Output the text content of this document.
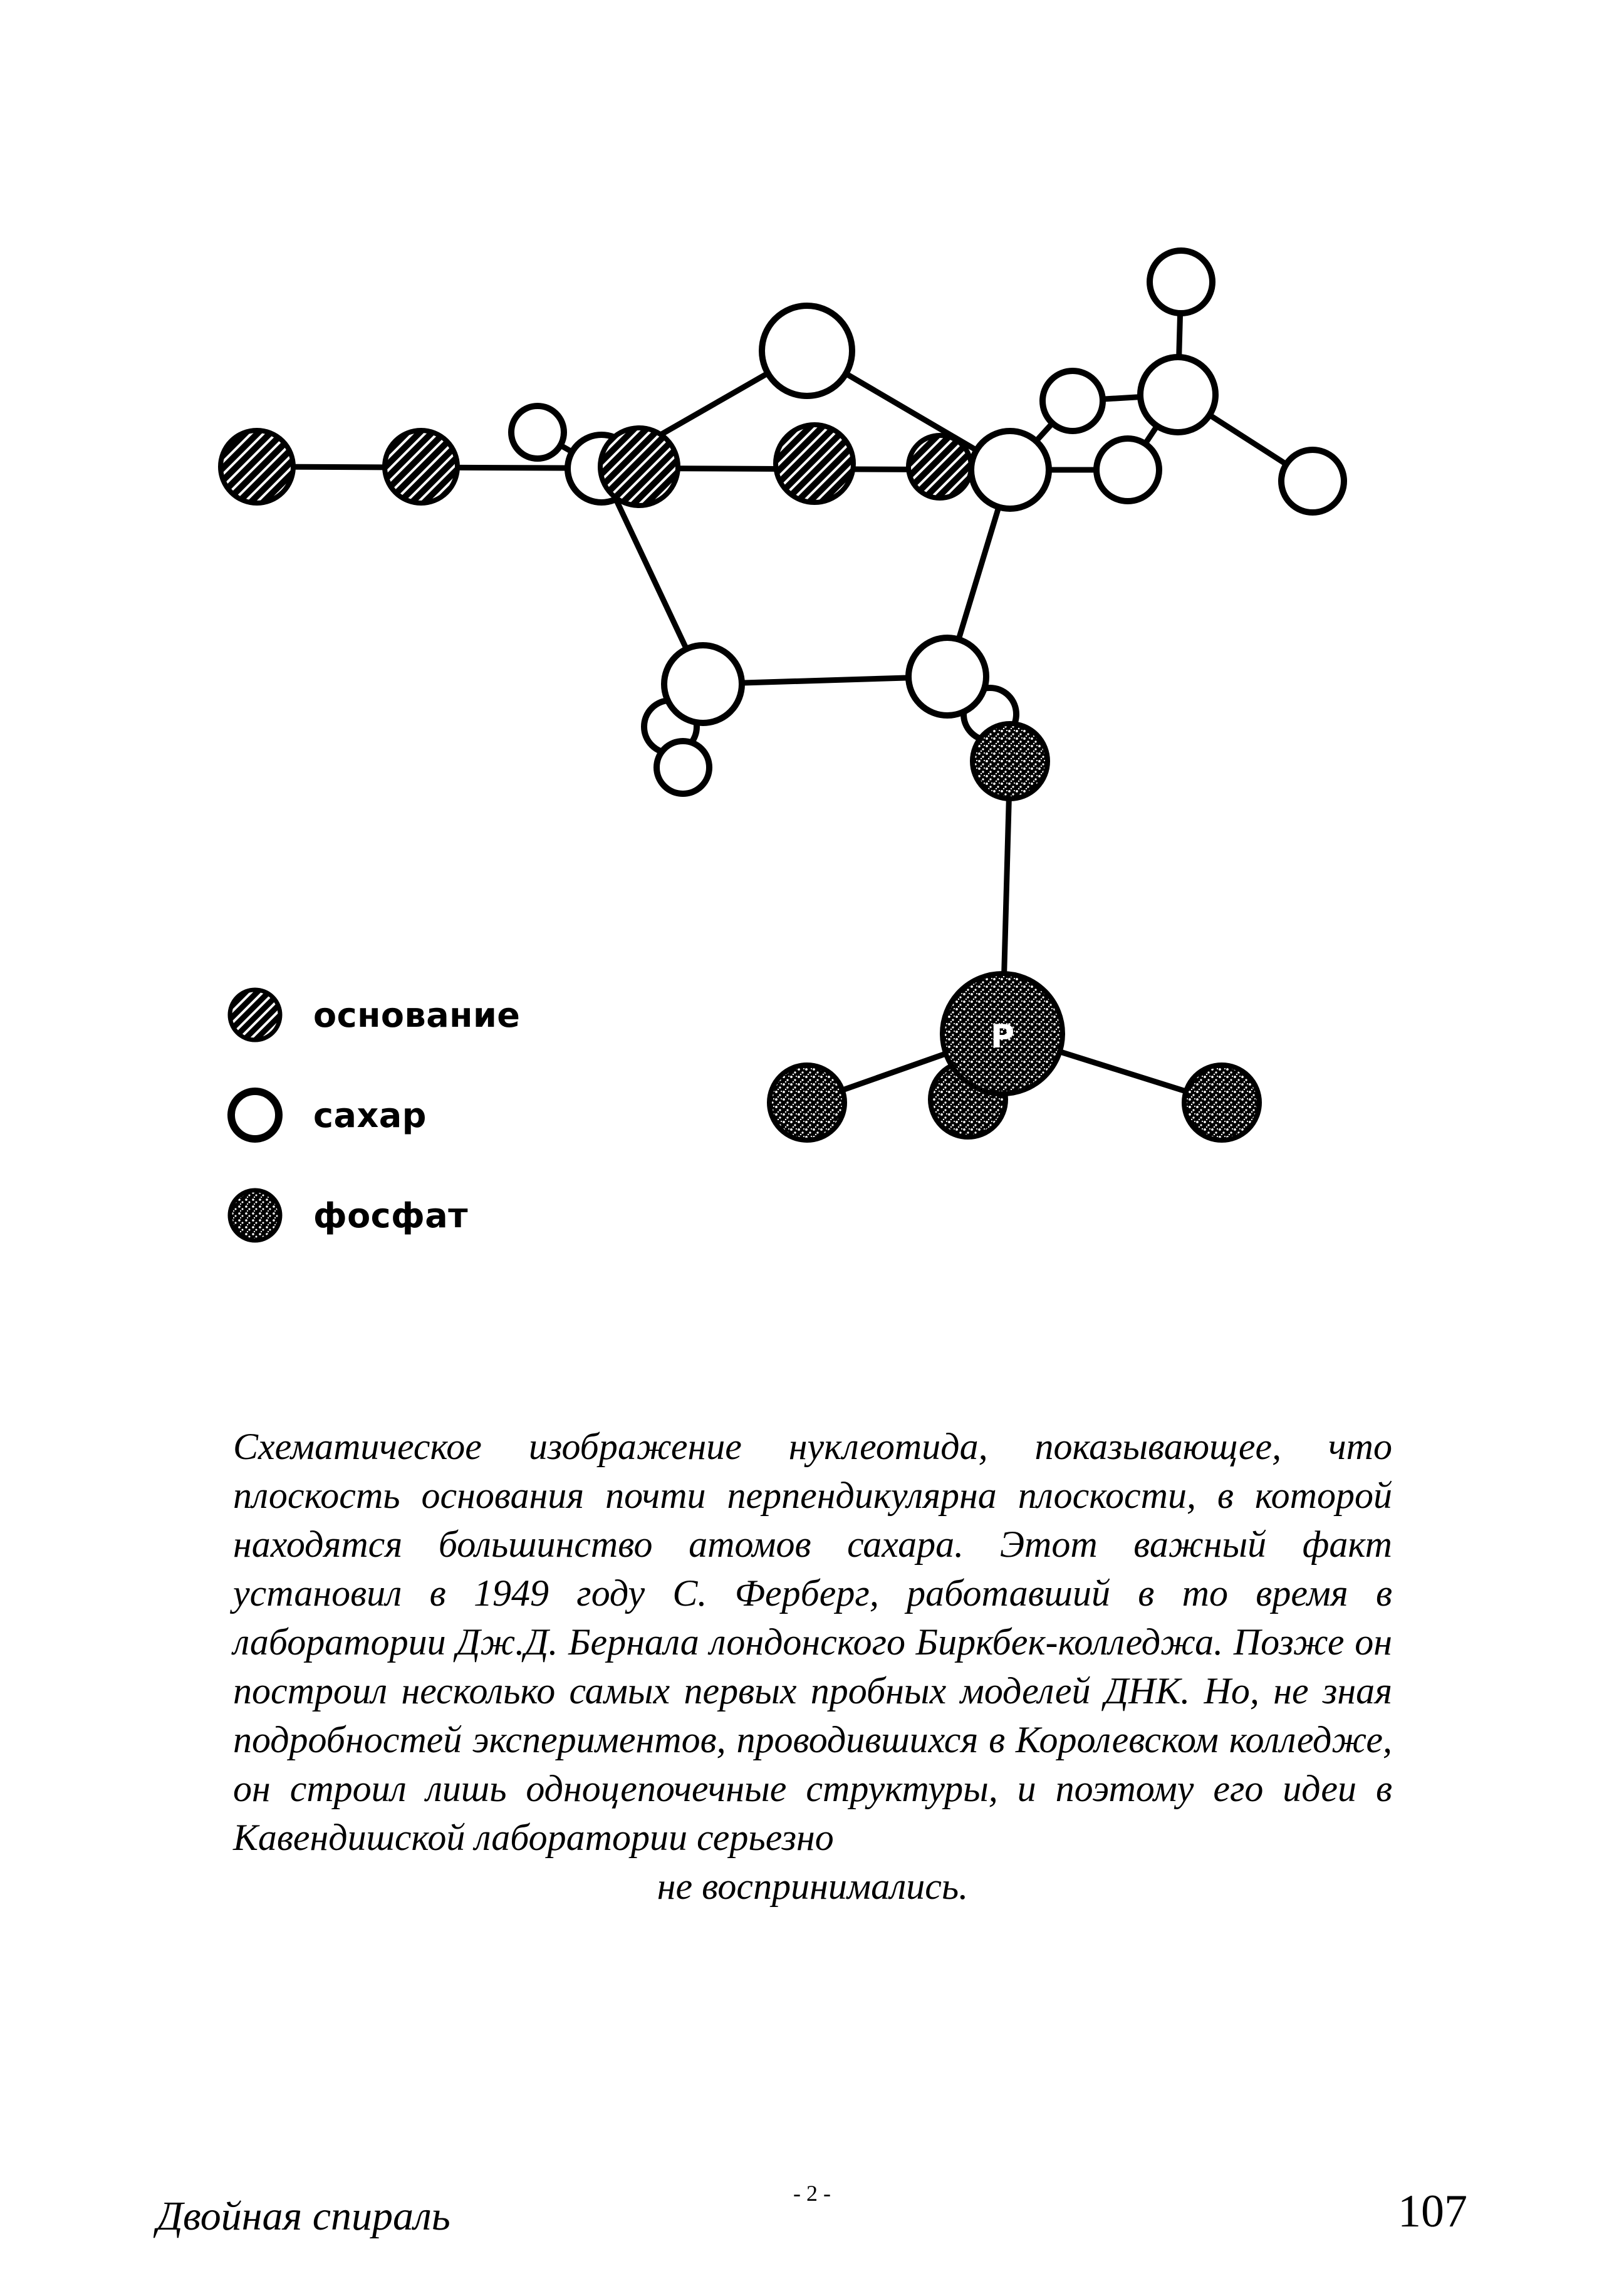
P
основание
сахар
фосфат

Схематическое изображение нуклеотида, показывающее, что плоскость основания почти перпендикулярна плоскости, в которой находятся большинство атомов сахара. Этот важный факт установил в 1949 году С. Ферберг, работавший в то время в лаборатории Дж.Д. Бернала лондонского Биркбек-колледжа. Позже он построил несколько самых первых пробных моделей ДНК. Но, не зная подробностей экспериментов, проводившихся в Королевском колледже, он строил лишь одноцепочечные структуры, и поэтому его идеи в Кавендишской лаборатории серьезно

не воспринимались.
Двойная спираль	- 2 -	107
